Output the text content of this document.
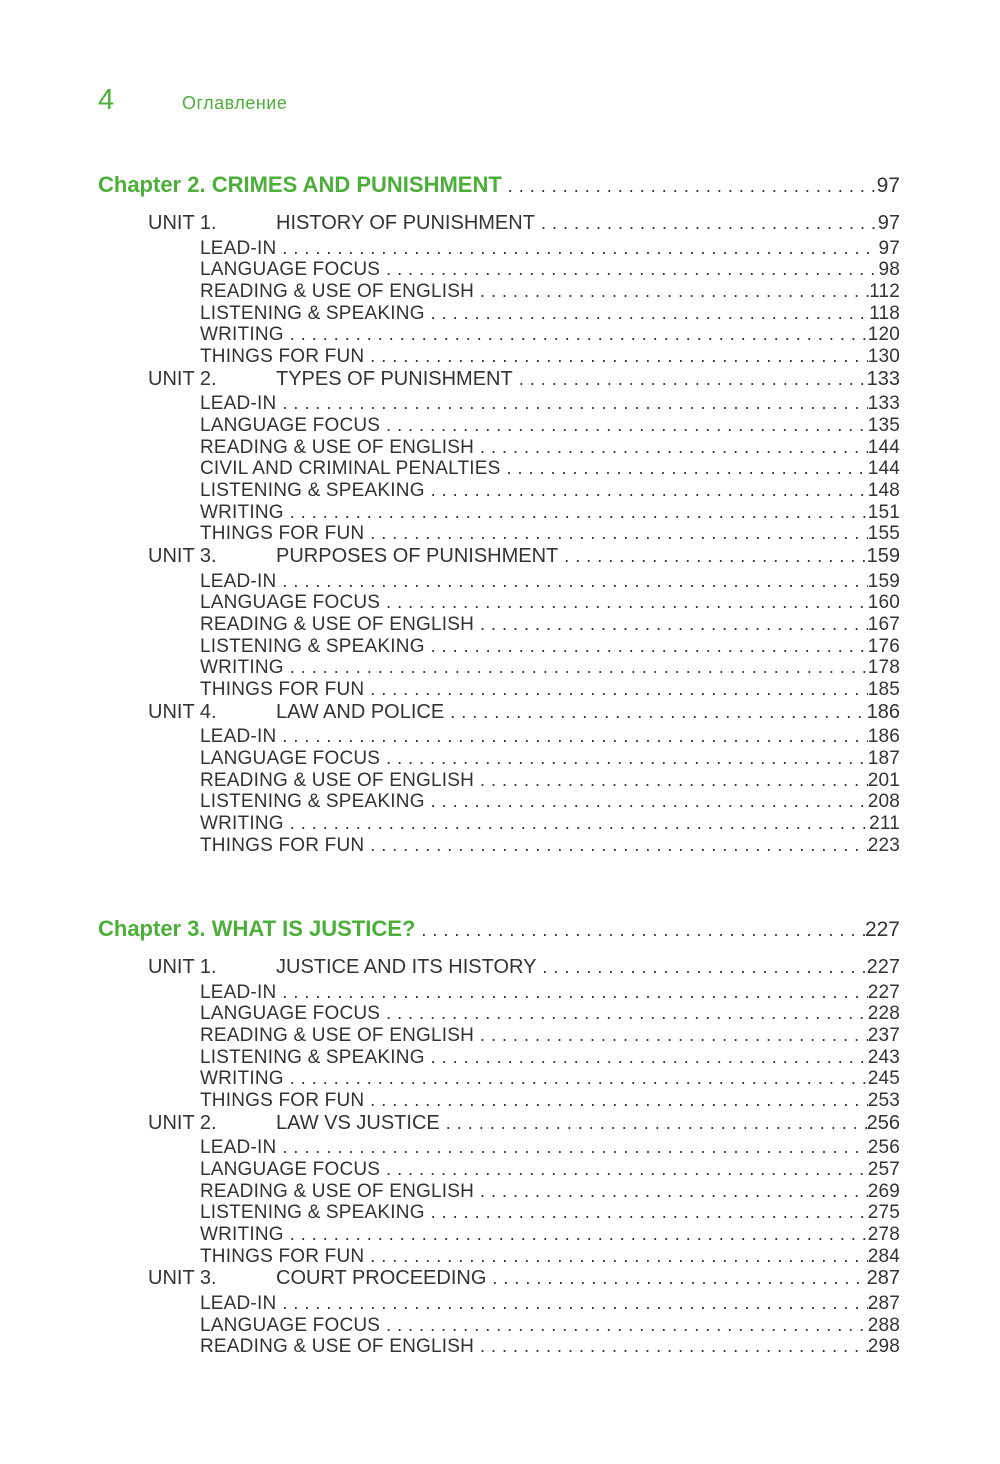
4	Оглавление
Chapter 2. CRIMES AND PUNISHMENT . . .	97
UNIT 1.	HISTORY OF PUNISHMENT . . .	97
LEAD-IN . . .	97
LANGUAGE FOCUS . . .	98
READING & USE OF ENGLISH . . .	112
LISTENING & SPEAKING . . .	118
WRITING . . .	120
THINGS FOR FUN . . .	130
UNIT 2.	TYPES OF PUNISHMENT . . .	133
LEAD-IN . . .	133
LANGUAGE FOCUS . . .	135
READING & USE OF ENGLISH . . .	144
CIVIL AND CRIMINAL PENALTIES . . .	144
LISTENING & SPEAKING . . .	148
WRITING . . .	151
THINGS FOR FUN . . .	155
UNIT 3.	PURPOSES OF PUNISHMENT . . .	159
LEAD-IN . . .	159
LANGUAGE FOCUS . . .	160
READING & USE OF ENGLISH . . .	167
LISTENING & SPEAKING . . .	176
WRITING . . .	178
THINGS FOR FUN . . .	185
UNIT 4.	LAW AND POLICE . . .	186
LEAD-IN . . .	186
LANGUAGE FOCUS . . .	187
READING & USE OF ENGLISH . . .	201
LISTENING & SPEAKING . . .	208
WRITING . . .	211
THINGS FOR FUN . . .	223
Chapter 3. WHAT IS JUSTICE? . . .	227
UNIT 1.	JUSTICE AND ITS HISTORY . . .	227
LEAD-IN . . .	227
LANGUAGE FOCUS . . .	228
READING & USE OF ENGLISH . . .	237
LISTENING & SPEAKING . . .	243
WRITING . . .	245
THINGS FOR FUN . . .	253
UNIT 2.	LAW VS JUSTICE . . .	256
LEAD-IN . . .	256
LANGUAGE FOCUS . . .	257
READING & USE OF ENGLISH . . .	269
LISTENING & SPEAKING . . .	275
WRITING . . .	278
THINGS FOR FUN . . .	284
UNIT 3.	COURT PROCEEDING . . .	287
LEAD-IN . . .	287
LANGUAGE FOCUS . . .	288
READING & USE OF ENGLISH . . .	298
